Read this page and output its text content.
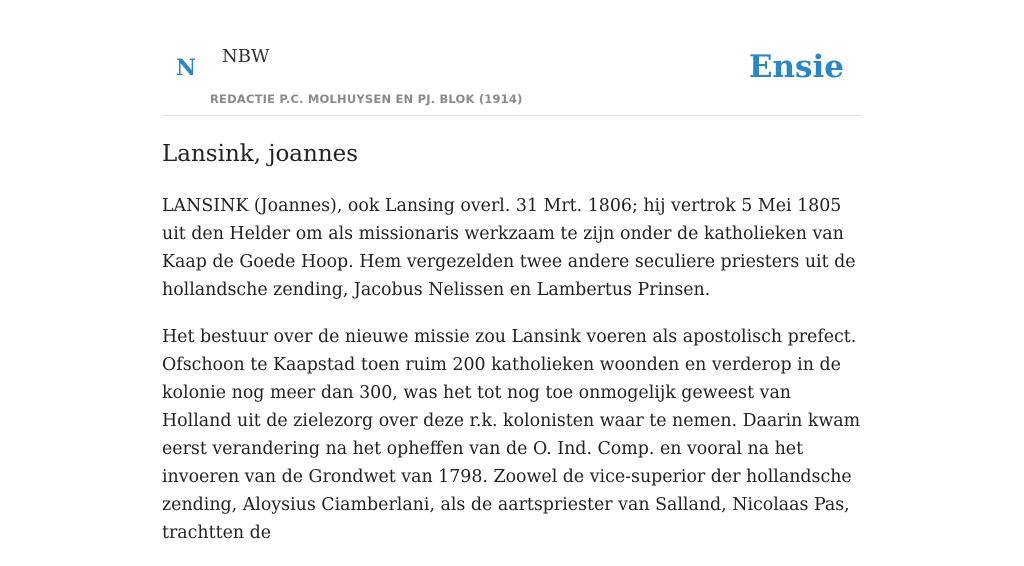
N NBW
REDACTIE P.C. MOLHUYSEN EN PJ. BLOK (1914)
Ensie
Lansink, joannes

LANSINK (Joannes), ook Lansing overl. 31 Mrt. 1806; hij vertrok 5 Mei 1805 uit den Helder om als missionaris werkzaam te zijn onder de katholieken van Kaap de Goede Hoop. Hem vergezelden twee andere seculiere priesters uit de hollandsche zending, Jacobus Nelissen en Lambertus Prinsen.

Het bestuur over de nieuwe missie zou Lansink voeren als apostolisch prefect. Ofschoon te Kaapstad toen ruim 200 katholieken woonden en verderop in de kolonie nog meer dan 300, was het tot nog toe onmogelijk geweest van Holland uit de zielezorg over deze r.k. kolonisten waar te nemen. Daarin kwam eerst verandering na het opheffen van de O. Ind. Comp. en vooral na het invoeren van de Grondwet van 1798. Zoowel de vice-superior der hollandsche zending, Aloysius Ciamberlani, als de aartspriester van Salland, Nicolaas Pas, trachtten de
